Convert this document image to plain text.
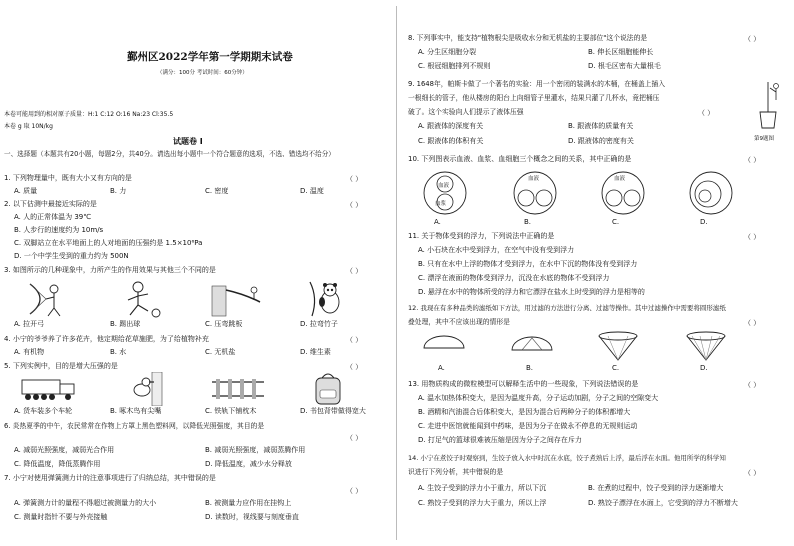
鄞州区2022学年第一学期期末试卷
（满分：100分 考试时间：60分钟）
本卷可能用到的相对原子质量：H:1 C:12 O:16 Na:23 Cl:35.5
本卷 g 取 10N/kg
试题卷 Ⅰ
一、选择题（本题共有20小题，每题2分，共40分。请选出每小题中一个符合题意的选项，不选、错选均不给分）
1. 下列物理量中，既有大小又有方向的是	（ ）
A. 质量	B. 力	C. 密度	D. 温度
2. 以下估测中最接近实际的是	（ ）
A. 人的正常体温为 39℃
B. 人步行的速度约为 10m/s
C. 双脚站立在水平地面上的人对地面的压强约是 1.5×10⁶Pa
D. 一个中学生受到的重力约为 500N
3. 如图所示的几种现象中，力所产生的作用效果与其他三个不同的是	（ ）
A. 拉开弓	B. 踢出球	C. 压弯跳板	D. 拉弯竹子
4. 小宁的爷爷养了许多花卉，他定期给花草施肥，为了给植物补充	（ ）
A. 有机物	B. 水	C. 无机盐	D. 维生素
5. 下列实例中，目的是增大压强的是	（ ）
A. 货车装多个车轮	B. 啄木鸟有尖嘴	C. 铁轨下铺枕木	D. 书包背带做得宽大
6. 炎热夏季的中午，农民常常在作物上方罩上黑色塑料网，以降低光照强度，其目的是
（ ）
A. 减弱光照强度，减弱光合作用	B. 减弱光照强度，减弱蒸腾作用
C. 降低温度，降低蒸腾作用	D. 降低温度，减少水分释放
7. 小宁对使用弹簧测力计的注意事项进行了归纳总结，其中错误的是
（ ）
A. 弹簧测力计的量程不得超过被测量力的大小	B. 被测量力应作用在挂钩上
C. 测量时指针不要与外壳接触	D. 读数时，视线要与刻度垂直
8. 下列事实中，能支持"植物根尖是吸收水分和无机盐的主要部位"这个说法的是	（ ）
A. 分生区细胞分裂	B. 伸长区细胞能伸长
C. 根冠细胞排列不规则	D. 根毛区密布大量根毛
9. 1648年，帕斯卡做了一个著名的实验：用一个密闭的装满水的木桶，在桶盖上插入
一根细长的管子，他从楼房的阳台上向细管子里灌水，结果只灌了几杯水，竟把桶压
破了。这个实验向人们提示了液体压强	（ ）
A. 跟液体的深度有关	B. 跟液体的质量有关
C. 跟液体的体积有关	D. 跟液体的密度有关	第9题图
10. 下列图表示血液、血浆、血细胞三个概念之间的关系，其中正确的是	（ ）
血液
血浆
血液	血液
A.	B.	C.	D.
11. 关于物体受到的浮力，下列说法中正确的是	（ ）
A. 小石块在水中受到浮力，在空气中没有受到浮力
B. 只有在水中上浮的物体才受到浮力，在水中下沉的物体没有受到浮力
C. 漂浮在液面的物体受到浮力，沉没在水底的物体不受到浮力
D. 悬浮在水中的物体所受的浮力和它漂浮在盐水上时受到的浮力是相等的
12. 我现在有多种品类的滤纸如下方法，用过滤的方法进行分离、过滤等操作。其中过滤操作中需要将圆形滤纸
叠处理，其中不应该出现的情形是	（ ）
A.	B.	C.	D.
13. 用物质构成的微粒模型可以解释生活中的一些现象，下列说法错误的是	（ ）
A. 温水加热体积变大，是因为温度升高，分子运动加剧，分子之间的空隙变大
B. 酒精和汽油混合后体积变大，是因为混合后两种分子的体积都增大
C. 走进中医馆就能闻到中药味，是因为分子在做永不停息的无规则运动
D. 打足气的篮球很难被压缩是因为分子之间存在斥力
14. 小宁在煮饺子时观察到，生饺子放入水中时沉在水底，饺子煮熟后上浮，最后浮在水面。他用所学的科学知
识进行下列分析，其中错误的是	（ ）
A. 生饺子受到的浮力小于重力，所以下沉	B. 在煮的过程中，饺子受到的浮力逐渐增大
C. 熟饺子受到的浮力大于重力，所以上浮	D. 熟饺子漂浮在水面上，它受到的浮力不断增大
